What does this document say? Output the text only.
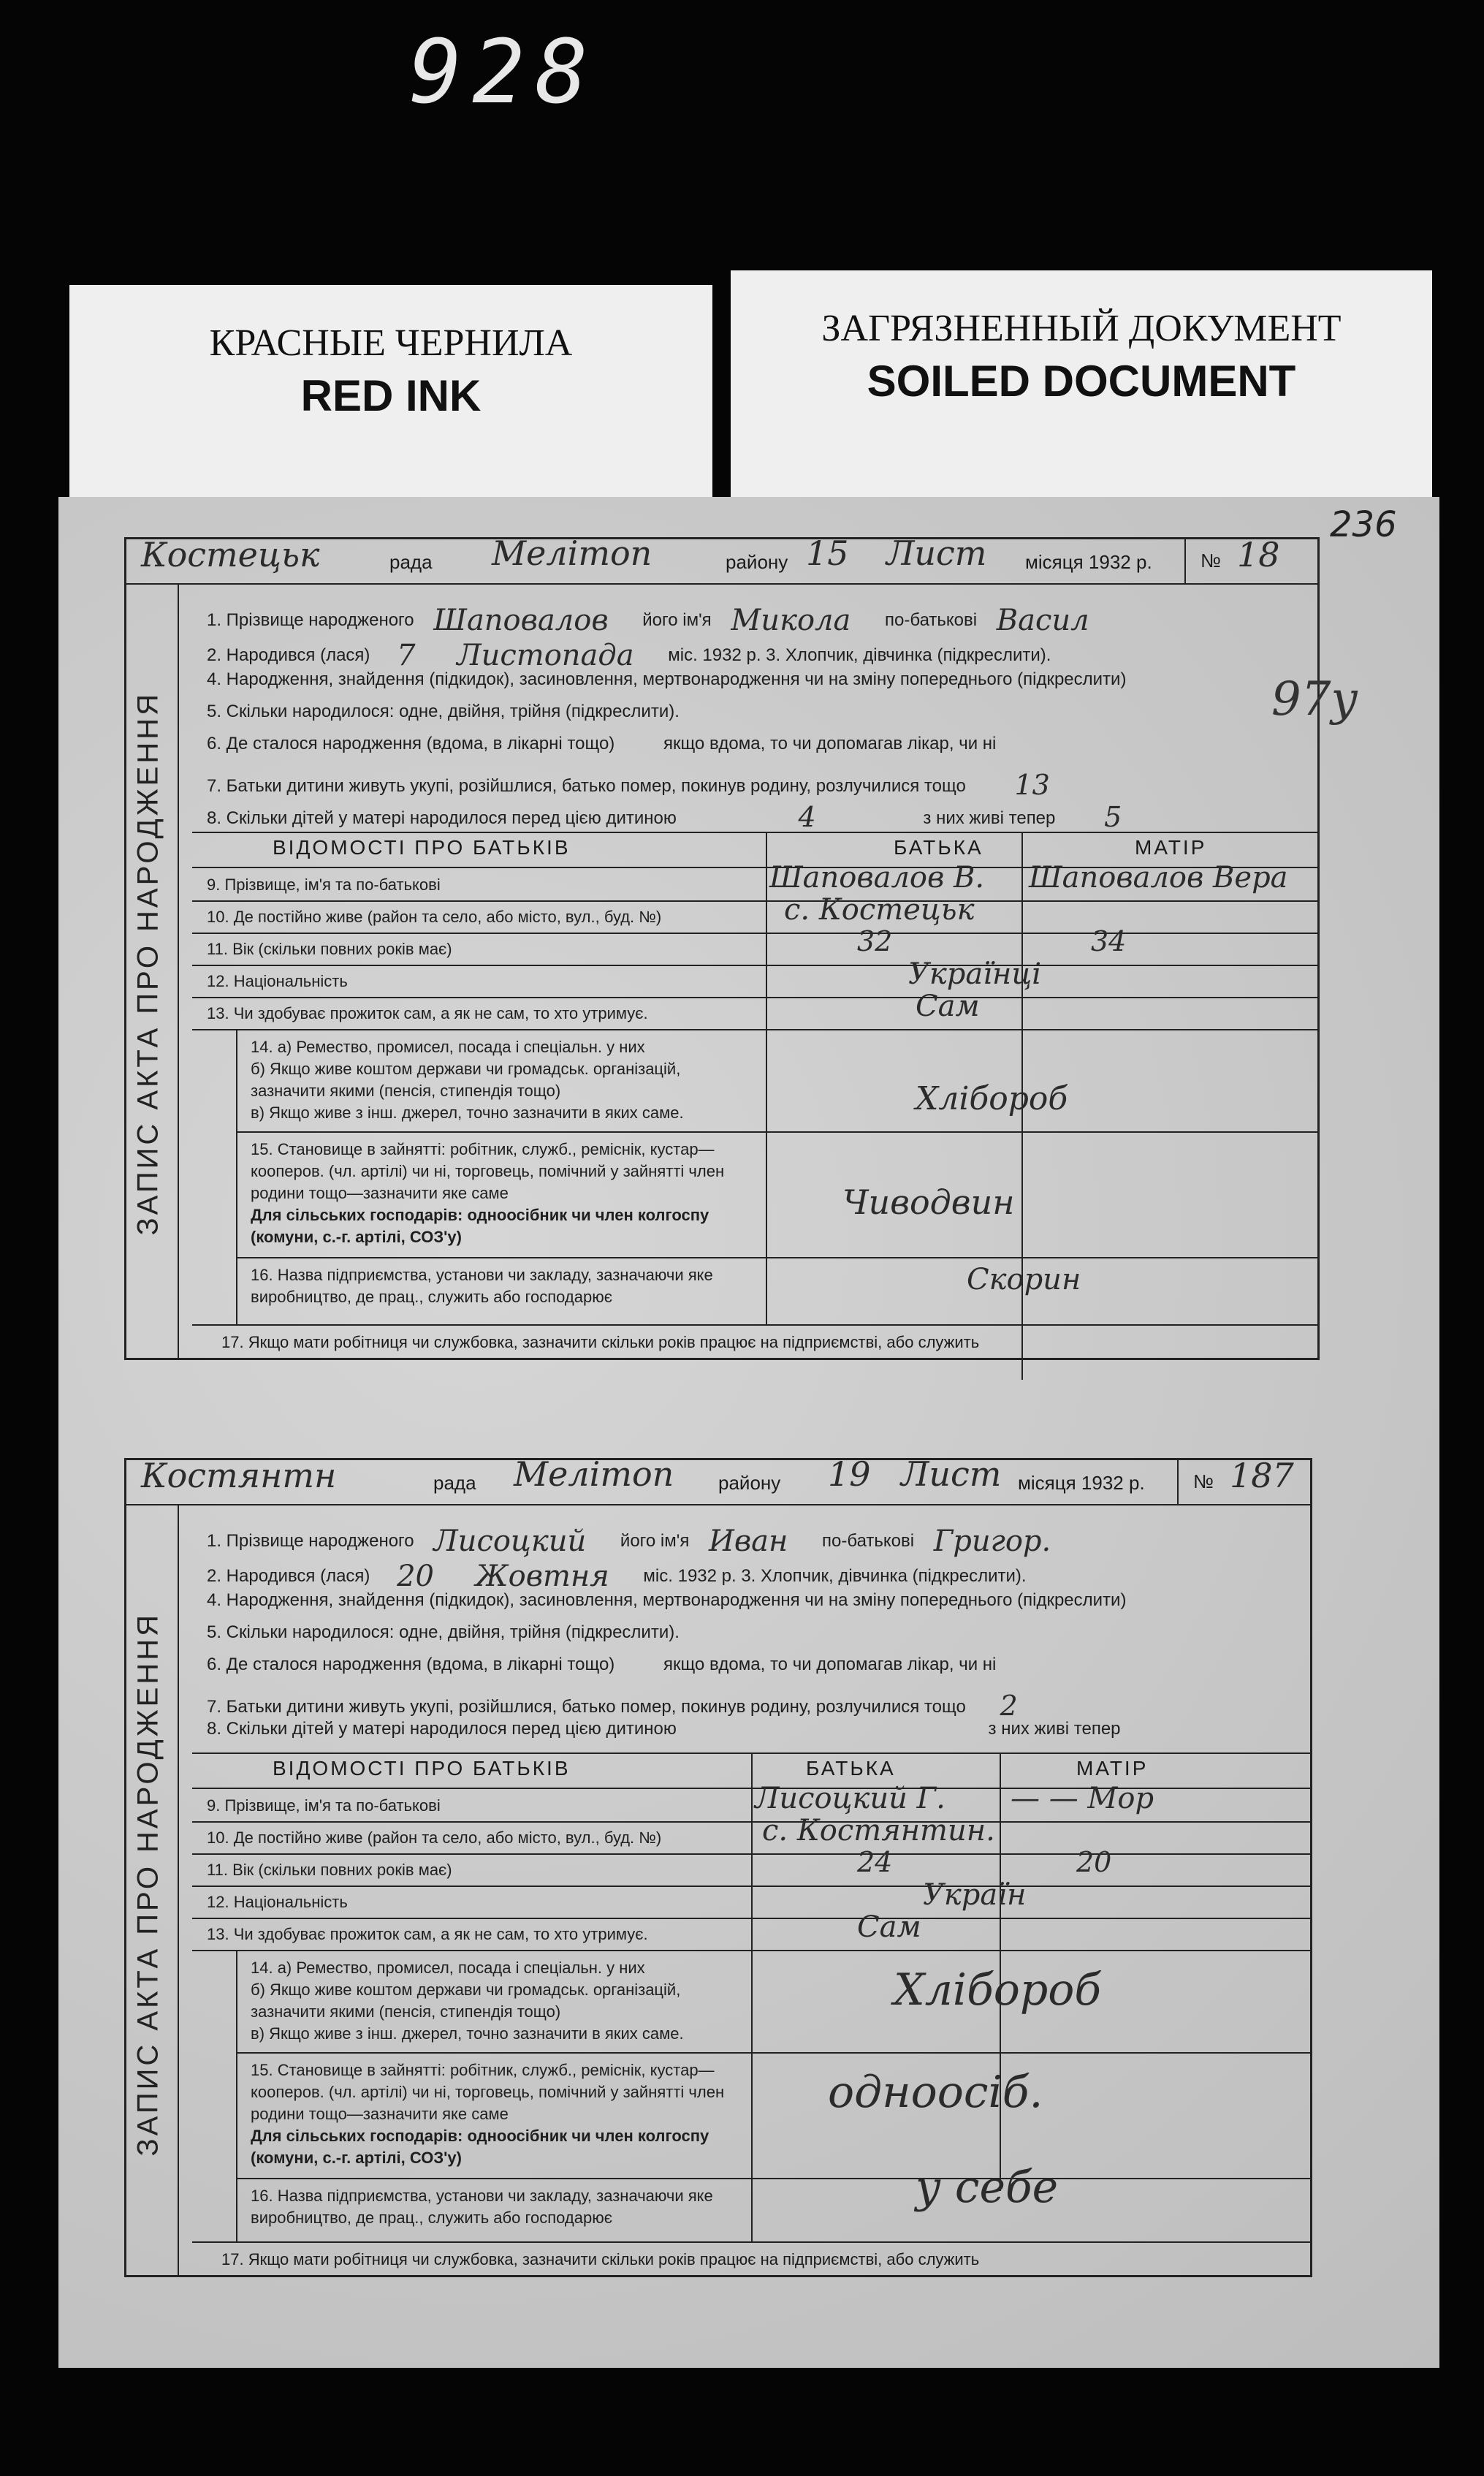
928
КРАСНЫЕ ЧЕРНИЛА
RED INK
ЗАГРЯЗНЕННЫЙ ДОКУМЕНТ
SOILED DOCUMENT
236
Костецьк	рада Мелітоп	району 15 Лист місяця 1932 р.	№ 18
ЗАПИС АКТА ПРО НАРОДЖЕННЯ
1. Прізвище народженого Шаповалов його ім'я Микола по-батькові Васил
2. Народився (лася) 7 Листопада міс. 1932 р. 3. Хлопчик, дівчинка (підкреслити).
4. Народження, знайдення (підкидок), засиновлення, мертвонародження чи на зміну попереднього (підкреслити)
5. Скільки народилося: одне, двійня, трійня (підкреслити).
6. Де сталося народження (вдома, в лікарні тощо)	якщо вдома, то чи допомагав лікар, чи ні
7. Батьки дитини живуть укупі, розійшлися, батько помер, покинув родину, розлучилися тощо 13
8. Скільки дітей у матері народилося перед цією дитиною	4	з них живі тепер 5
ВІДОМОСТІ ПРО БАТЬКІВ	БАТЬКА	МАТІР
9. Прізвище, ім'я та по-батькові	Шаповалов В. Шаповалов Вера
10. Де постійно живе (район та село, або місто, вул., буд. №)	с. Костецьк
11. Вік (скільки повних років має)	32	34
12. Національність	Українці
13. Чи здобуває прожиток сам, а як не сам, то хто утримує.	Сам
14. а) Ремество, промисел, посада і спеціальн. у них
б) Якщо живе коштом держави чи громадськ. організацій, зазначити якими (пенсія, стипендія тощо)
в) Якщо живе з інш. джерел, точно зазначити в яких саме.	Хлібороб
15. Становище в зайнятті: робітник, служб., реміснік, кустар—кооперов. (чл. артілі) чи ні, торговець, помічний у зайнятті член родини тощо—зазначити яке саме
Для сільських господарів: одноосібник чи член колгоспу (комуни, с.-г. артілі, СОЗ'у)
Чиводвин
16. Назва підприємства, установи чи закладу, зазначаючи яке виробництво, де прац., служить або господарює
Скорин
17. Якщо мати робітниця чи службовка, зазначити скільки років працює на підприємстві, або служить
97у
Костянтн	рада Мелітоп району 19 Лист місяця 1932 р.	№ 187
ЗАПИС АКТА ПРО НАРОДЖЕННЯ
1. Прізвище народженого Лисоцкий його ім'я Иван по-батькові Григор.
2. Народився (лася) 20 Жовтня міс. 1932 р. 3. Хлопчик, дівчинка (підкреслити).
4. Народження, знайдення (підкидок), засиновлення, мертвонародження чи на зміну попереднього (підкреслити)
5. Скільки народилося: одне, двійня, трійня (підкреслити).
6. Де сталося народження (вдома, в лікарні тощо)	якщо вдома, то чи допомагав лікар, чи ні
7. Батьки дитини живуть укупі, розійшлися, батько помер, покинув родину, розлучилися тощо 2
8. Скільки дітей у матері народилося перед цією дитиною	з них живі тепер
ВІДОМОСТІ ПРО БАТЬКІВ	БАТЬКА	МАТІР
9. Прізвище, ім'я та по-батькові	Лисоцкий Г. — — Мор
10. Де постійно живе (район та село, або місто, вул., буд. №)	с. Костянтин.
11. Вік (скільки повних років має)	24	20
12. Національність	Україн
13. Чи здобуває прожиток сам, а як не сам, то хто утримує.	Сам
14. а) Ремество, промисел, посада і спеціальн. у них
б) Якщо живе коштом держави чи громадськ. організацій, зазначити якими (пенсія, стипендія тощо)
в) Якщо живе з інш. джерел, точно зазначити в яких саме.
Хлібороб
15. Становище в зайнятті: робітник, служб., реміснік, кустар—кооперов. (чл. артілі) чи ні, торговець, помічний у зайнятті член родини тощо—зазначити яке саме
Для сільських господарів: одноосібник чи член колгоспу (комуни, с.-г. артілі, СОЗ'у)
одноосіб.
16. Назва підприємства, установи чи закладу, зазначаючи яке виробництво, де прац., служить або господарює
у себе
17. Якщо мати робітниця чи службовка, зазначити скільки років працює на підприємстві, або служить
